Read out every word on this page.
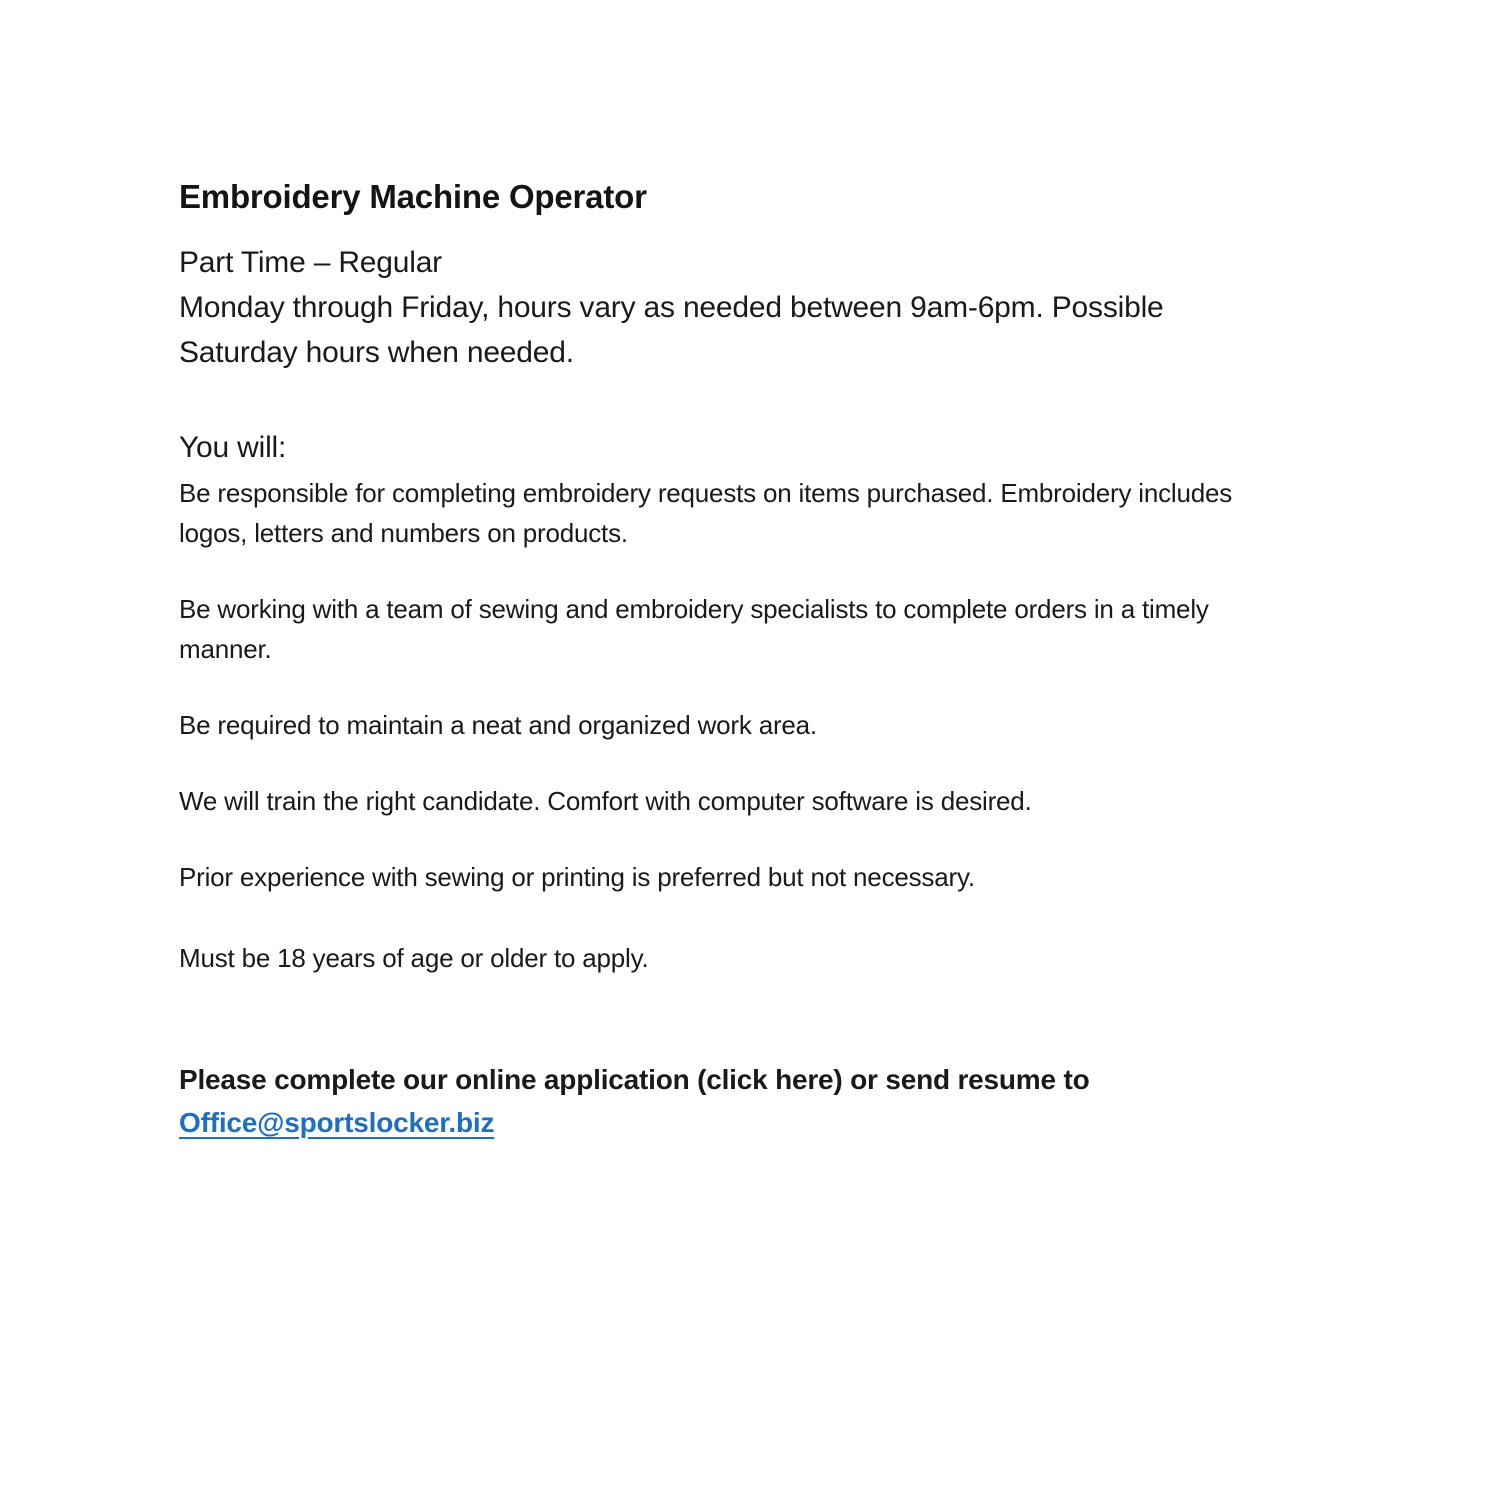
Embroidery Machine Operator
Part Time – Regular
Monday through Friday, hours vary as needed between 9am-6pm. Possible
Saturday hours when needed.
You will:
Be responsible for completing embroidery requests on items purchased. Embroidery includes
logos, letters and numbers on products.
Be working with a team of sewing and embroidery specialists to complete orders in a timely
manner.
Be required to maintain a neat and organized work area.
We will train the right candidate. Comfort with computer software is desired.
Prior experience with sewing or printing is preferred but not necessary.
Must be 18 years of age or older to apply.

Please complete our online application (click here) or send resume to

Office@sportslocker.biz
